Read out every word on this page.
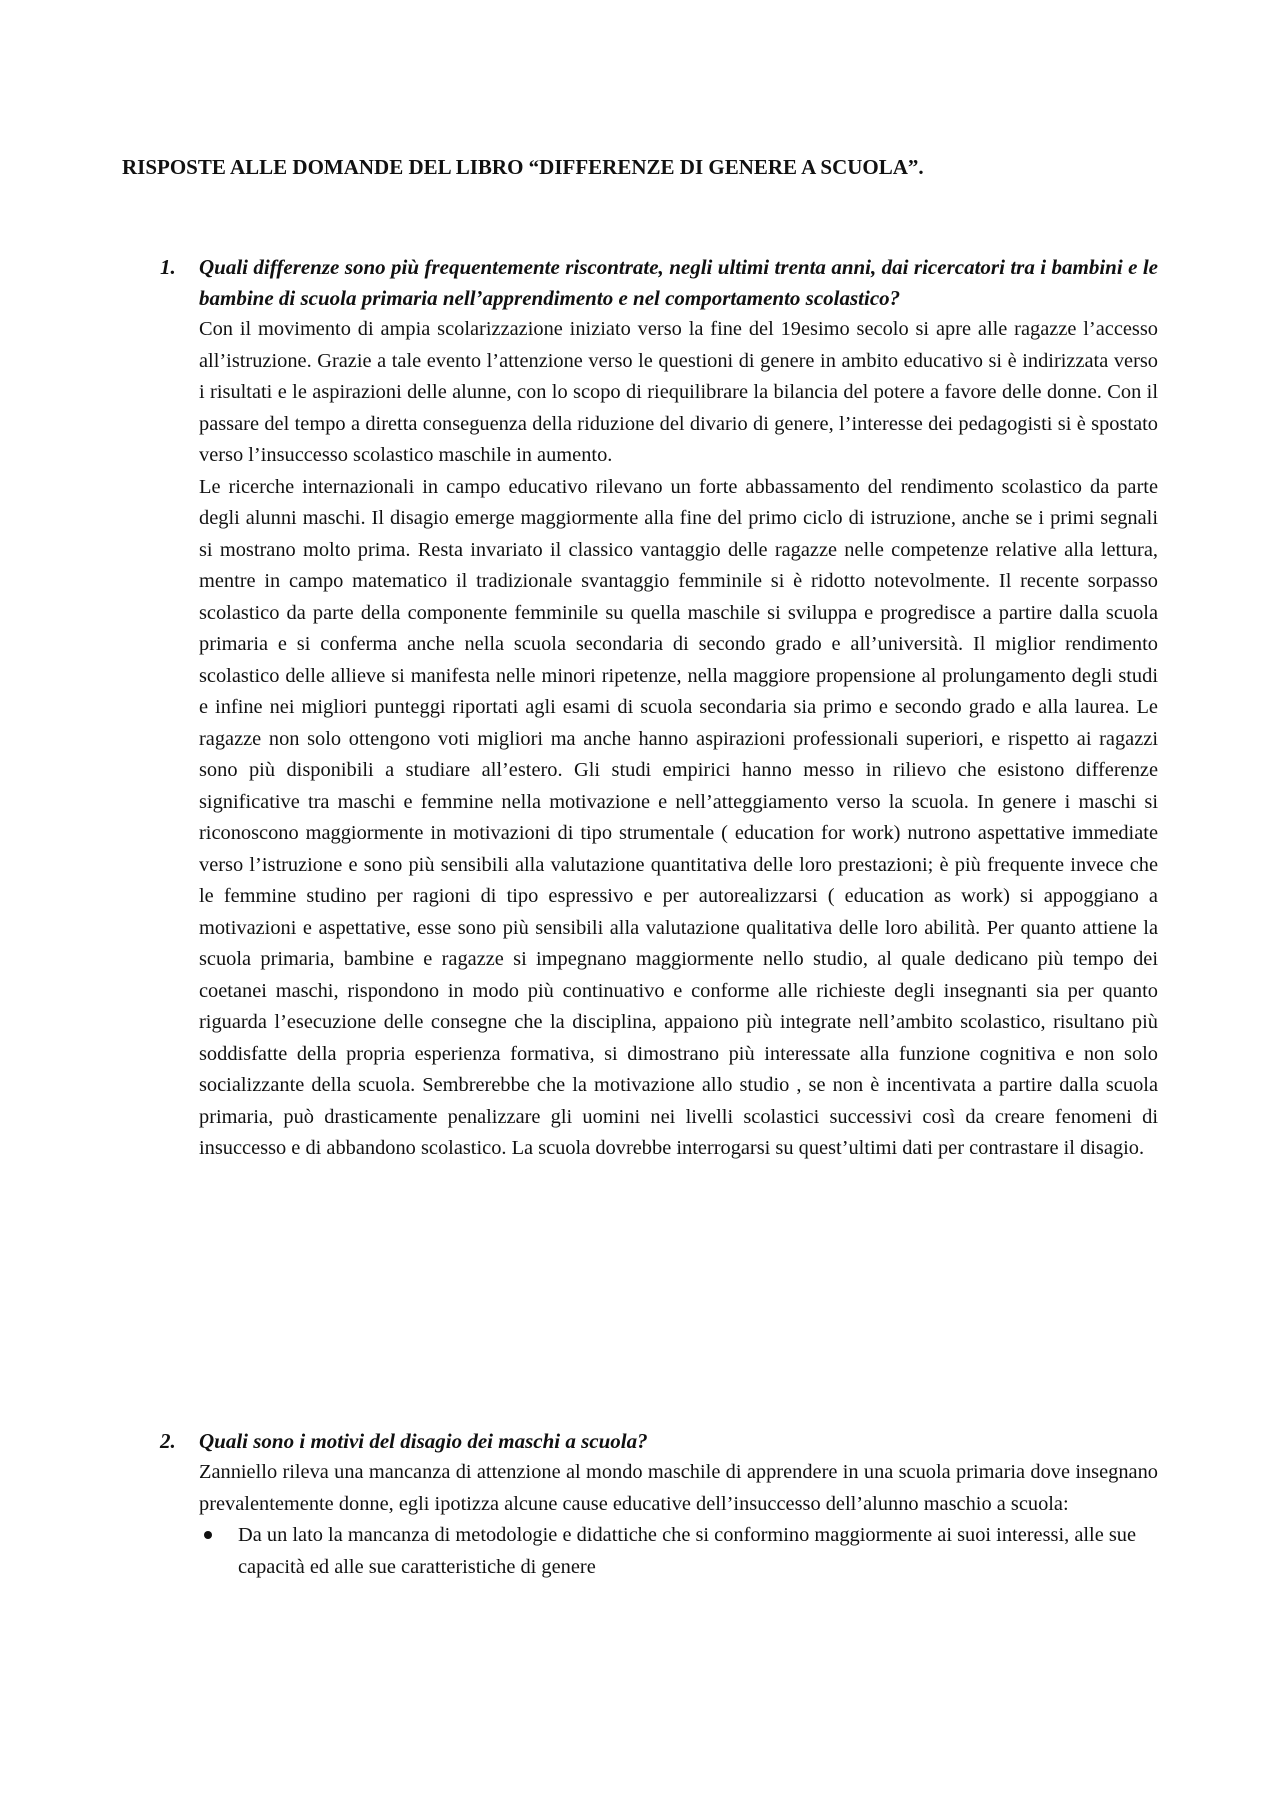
RISPOSTE ALLE DOMANDE DEL LIBRO “DIFFERENZE DI GENERE A SCUOLA”.
1.	Quali differenze sono più frequentemente riscontrate, negli ultimi trenta anni, dai ricercatori tra i bambini e le bambine di scuola primaria nell’apprendimento e nel comportamento scolastico?

Con il movimento di ampia scolarizzazione iniziato verso la fine del 19esimo secolo si apre alle ragazze l’accesso all’istruzione. Grazie a tale evento l’attenzione verso le questioni di genere in ambito educativo si è indirizzata verso i risultati e le aspirazioni delle alunne, con lo scopo di riequilibrare la bilancia del potere a favore delle donne. Con il passare del tempo a diretta conseguenza della riduzione del divario di genere, l’interesse dei pedagogisti si è spostato verso l’insuccesso scolastico maschile in aumento.

Le ricerche internazionali in campo educativo rilevano un forte abbassamento del rendimento scolastico da parte degli alunni maschi. Il disagio emerge maggiormente alla fine del primo ciclo di istruzione, anche se i primi segnali si mostrano molto prima. Resta invariato il classico vantaggio delle ragazze nelle competenze relative alla lettura, mentre in campo matematico il tradizionale svantaggio femminile si è ridotto notevolmente. Il recente sorpasso scolastico da parte della componente femminile su quella maschile si sviluppa e progredisce a partire dalla scuola primaria e si conferma anche nella scuola secondaria di secondo grado e all’università. Il miglior rendimento scolastico delle allieve si manifesta nelle minori ripetenze, nella maggiore propensione al prolungamento degli studi e infine nei migliori punteggi riportati agli esami di scuola secondaria sia primo e secondo grado e alla laurea. Le ragazze non solo ottengono voti migliori ma anche hanno aspirazioni professionali superiori, e rispetto ai ragazzi sono più disponibili a studiare all’estero. Gli studi empirici hanno messo in rilievo che esistono differenze significative tra maschi e femmine nella motivazione e nell’atteggiamento verso la scuola. In genere i maschi si riconoscono maggiormente in motivazioni di tipo strumentale ( education for work) nutrono aspettative immediate verso l’istruzione e sono più sensibili alla valutazione quantitativa delle loro prestazioni; è più frequente invece che le femmine studino per ragioni di tipo espressivo e per autorealizzarsi ( education as work) si appoggiano a motivazioni e aspettative, esse sono più sensibili alla valutazione qualitativa delle loro abilità. Per quanto attiene la scuola primaria, bambine e ragazze si impegnano maggiormente nello studio, al quale dedicano più tempo dei coetanei maschi, rispondono in modo più continuativo e conforme alle richieste degli insegnanti sia per quanto riguarda l’esecuzione delle consegne che la disciplina, appaiono più integrate nell’ambito scolastico, risultano più soddisfatte della propria esperienza formativa, si dimostrano più interessate alla funzione cognitiva e non solo socializzante della scuola. Sembrerebbe che la motivazione allo studio , se non è incentivata a partire dalla scuola primaria, può drasticamente penalizzare gli uomini nei livelli scolastici successivi così da creare fenomeni di insuccesso e di abbandono scolastico. La scuola dovrebbe interrogarsi su quest’ultimi dati per contrastare il disagio.

2.	Quali sono i motivi del disagio dei maschi a scuola?

Zanniello rileva una mancanza di attenzione al mondo maschile di apprendere in una scuola primaria dove insegnano prevalentemente donne, egli ipotizza alcune cause educative dell’insuccesso dell’alunno maschio a scuola:

Da un lato la mancanza di metodologie e didattiche che si conformino maggiormente ai suoi interessi, alle sue capacità ed alle sue caratteristiche di genere
